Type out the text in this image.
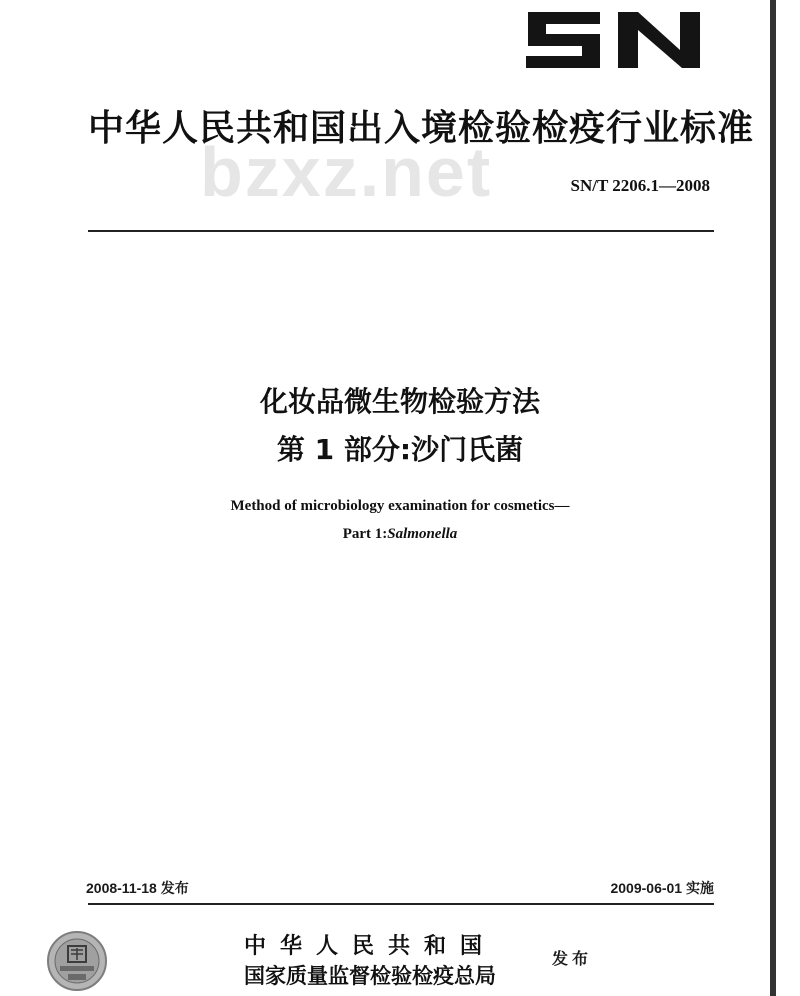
bzxz.net
中华人民共和国出入境检验检疫行业标准
SN/T 2206.1—2008
化妆品微生物检验方法
第 1 部分:沙门氏菌
Method of microbiology examination for cosmetics—
Part 1:Salmonella
2008-11-18 发布	2009-06-01 实施
中华人民共和国
国家质量监督检验检疫总局
发布
